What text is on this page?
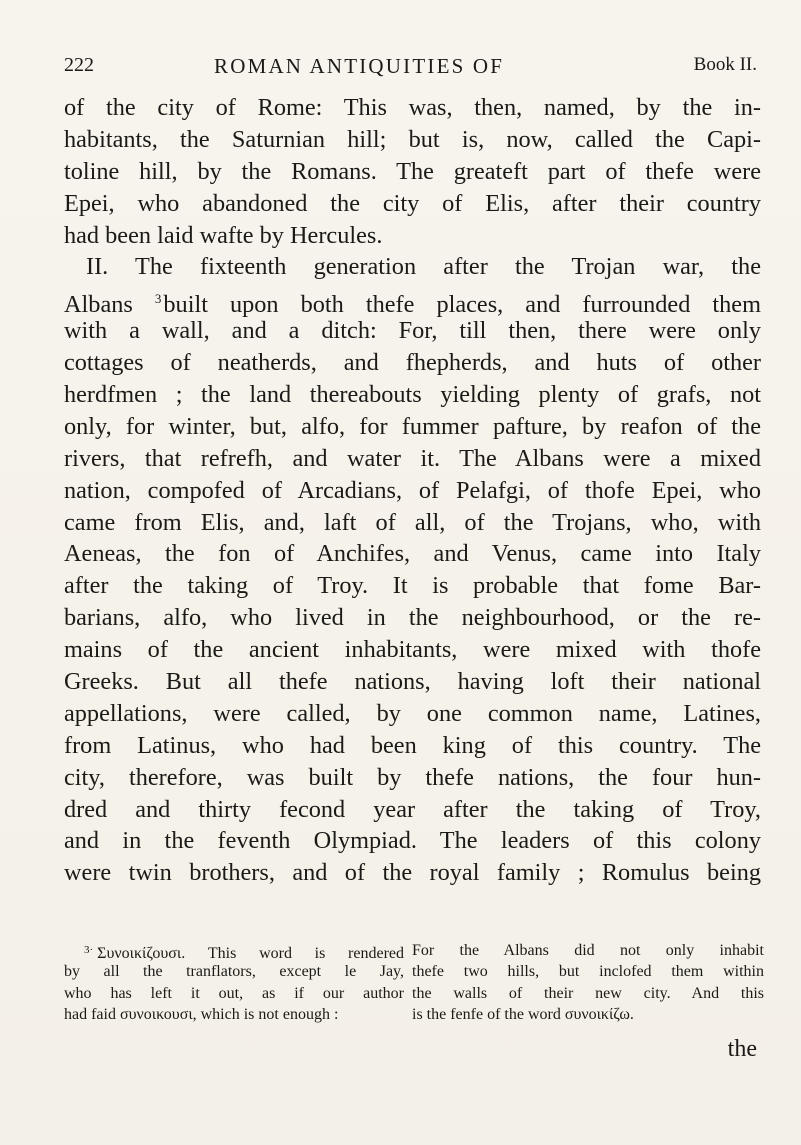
222	ROMAN ANTIQUITIES OF	Book II.
of the city of Rome: This was, then, named, by the in-
habitants, the Saturnian hill; but is, now, called the Capi-
toline hill, by the Romans. The greateft part of thefe were
Epei, who abandoned the city of Elis, after their country
had been laid wafte by Hercules.
II. The fixteenth generation after the Trojan war, the
Albans $^3$built upon both thefe places, and furrounded them
with a wall, and a ditch: For, till then, there were only
cottages of neatherds, and fhepherds, and huts of other
herdfmen ; the land thereabouts yielding plenty of grafs, not
only, for winter, but, alfo, for fummer pafture, by reafon of the
rivers, that refrefh, and water it. The Albans were a mixed
nation, compofed of Arcadians, of Pelafgi, of thofe Epei, who
came from Elis, and, laft of all, of the Trojans, who, with
Aeneas, the fon of Anchifes, and Venus, came into Italy
after the taking of Troy. It is probable that fome Bar-
barians, alfo, who lived in the neighbourhood, or the re-
mains of the ancient inhabitants, were mixed with thofe
Greeks. But all thefe nations, having loft their national
appellations, were called, by one common name, Latines,
from Latinus, who had been king of this country. The
city, therefore, was built by thefe nations, the four hun-
dred and thirty fecond year after the taking of Troy,
and in the feventh Olympiad. The leaders of this colony
were twin brothers, and of the royal family ; Romulus being
$^{3\cdot}$ Συνοικίζουσι. This word is rendered
by all the tranflators, except le Jay,
who has left it out, as if our author
had faid συνοικουσι, which is not enough :
For the Albans did not only inhabit
thefe two hills, but inclofed them within
the walls of their new city. And this
is the fenfe of the word συνοικίζω.
the
